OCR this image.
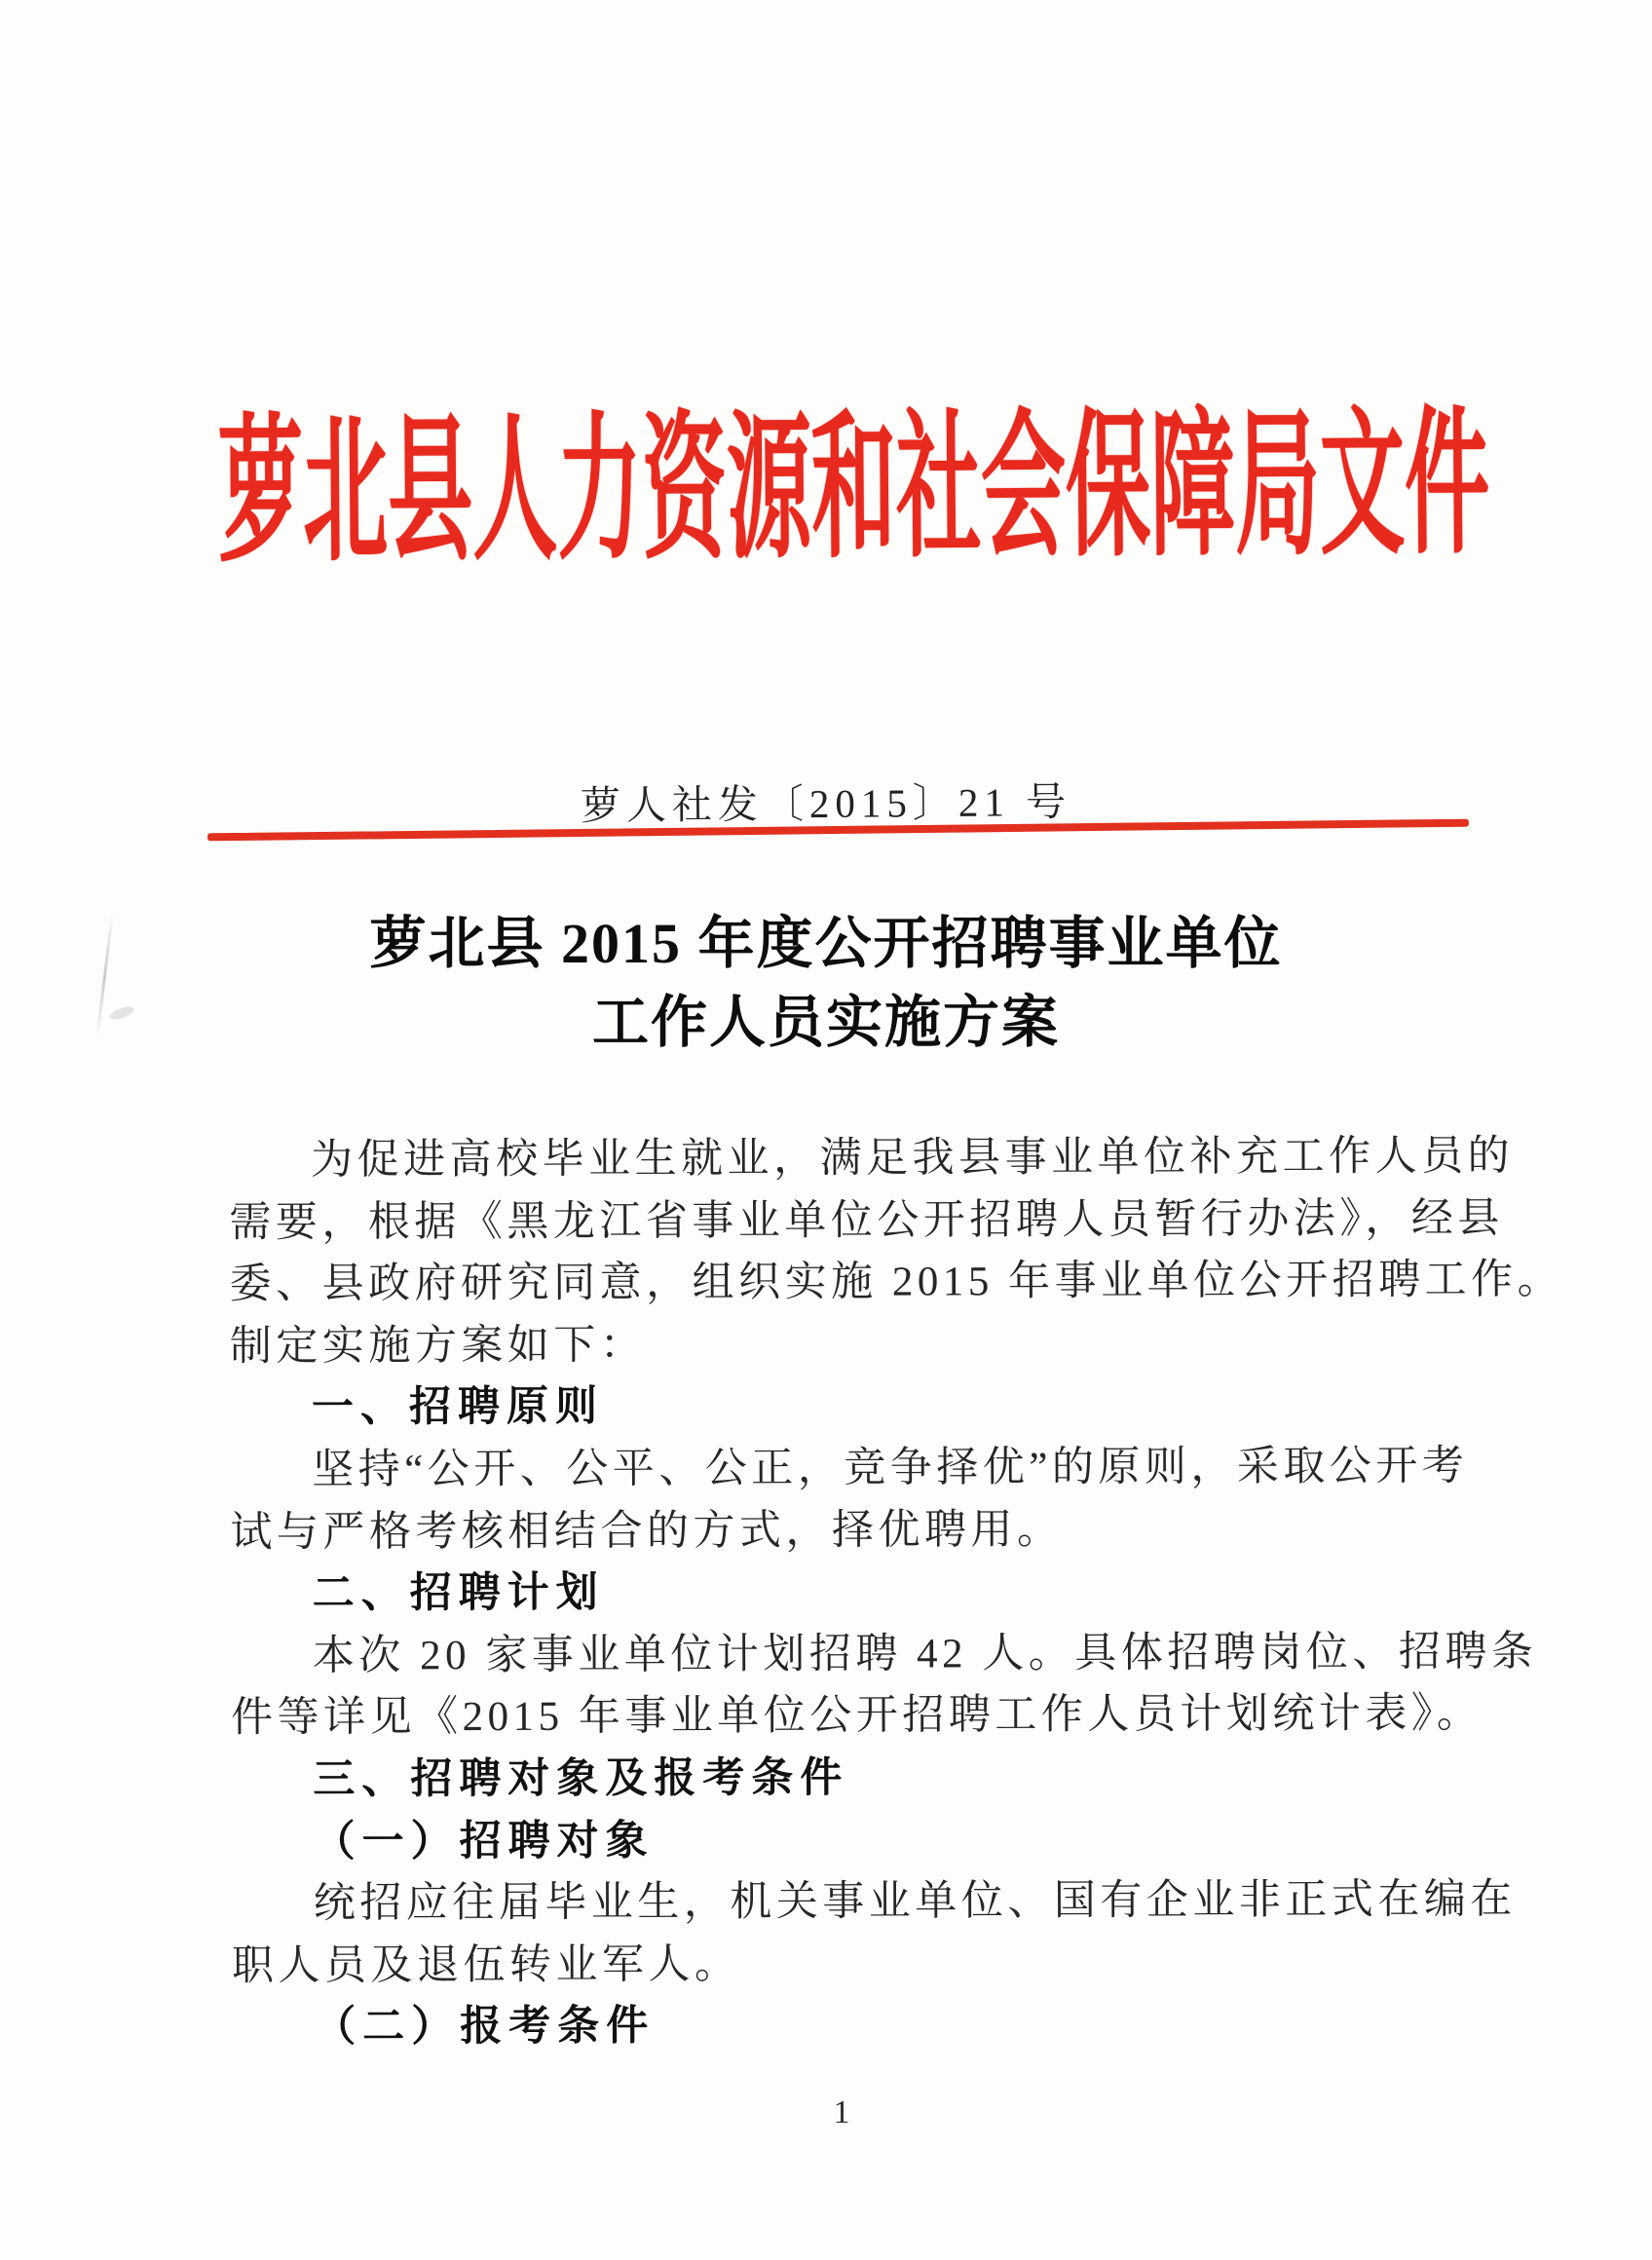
萝北县人力资源和社会保障局文件
萝人社发〔2015〕21 号
萝北县 2015 年度公开招聘事业单位
工作人员实施方案
为促进高校毕业生就业，满足我县事业单位补充工作人员的
需要，根据《黑龙江省事业单位公开招聘人员暂行办法》，经县
委、县政府研究同意，组织实施 2015 年事业单位公开招聘工作。
制定实施方案如下：
一、招聘原则
坚持“公开、公平、公正，竞争择优”的原则，采取公开考
试与严格考核相结合的方式，择优聘用。
二、招聘计划
本次 20 家事业单位计划招聘 42 人。具体招聘岗位、招聘条
件等详见《2015 年事业单位公开招聘工作人员计划统计表》。
三、招聘对象及报考条件
（一）招聘对象
统招应往届毕业生，机关事业单位、国有企业非正式在编在
职人员及退伍转业军人。
（二）报考条件
1
